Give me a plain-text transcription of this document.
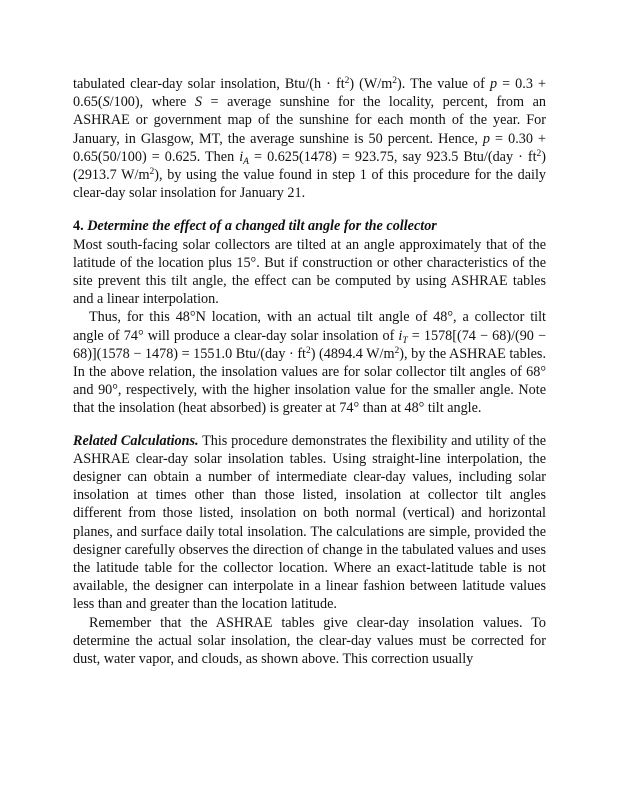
tabulated clear-day solar insolation, $Btu/(h \cdot ft^2)$ $(W/m^2)$. The value of p = 0.3 + 0.65(S/100), where S = average sunshine for the locality, percent, from an ASHRAE or government map of the sunshine for each month of the year. For January, in Glasgow, MT, the average sunshine is 50 percent. Hence, p = 0.30 + 0.65(50/100) = 0.625. Then $i_A = 0.625(1478) = 923.75$, say 923.5 $Btu/(day \cdot ft^2)$ (2913.7 $W/m^2$), by using the value found in step 1 of this procedure for the daily clear-day solar insolation for January 21.

4. Determine the effect of a changed tilt angle for the collector

Most south-facing solar collectors are tilted at an angle approximately that of the latitude of the location plus 15°. But if construction or other characteristics of the site prevent this tilt angle, the effect can be computed by using ASHRAE tables and a linear interpolation.

Thus, for this 48°N location, with an actual tilt angle of 48°, a collector tilt angle of 74° will produce a clear-day solar insolation of $i_T = 1578[(74 - 68)/(90 - 68)](1578 - 1478) = 1551.0$ $Btu/(day \cdot ft^2)$ (4894.4 $W/m^2$), by the ASHRAE tables. In the above relation, the insolation values are for solar collector tilt angles of 68° and 90°, respectively, with the higher insolation value for the smaller angle. Note that the insolation (heat absorbed) is greater at 74° than at 48° tilt angle.

Related Calculations. This procedure demonstrates the flexibility and utility of the ASHRAE clear-day solar insolation tables. Using straight-line interpolation, the designer can obtain a number of intermediate clear-day values, including solar insolation at times other than those listed, insolation at collector tilt angles different from those listed, insolation on both normal (vertical) and horizontal planes, and surface daily total insolation. The calculations are simple, provided the designer carefully observes the direction of change in the tabulated values and uses the latitude table for the collector location. Where an exact-latitude table is not available, the designer can interpolate in a linear fashion between latitude values less than and greater than the location latitude.

Remember that the ASHRAE tables give clear-day insolation values. To determine the actual solar insolation, the clear-day values must be corrected for dust, water vapor, and clouds, as shown above. This correction usually
